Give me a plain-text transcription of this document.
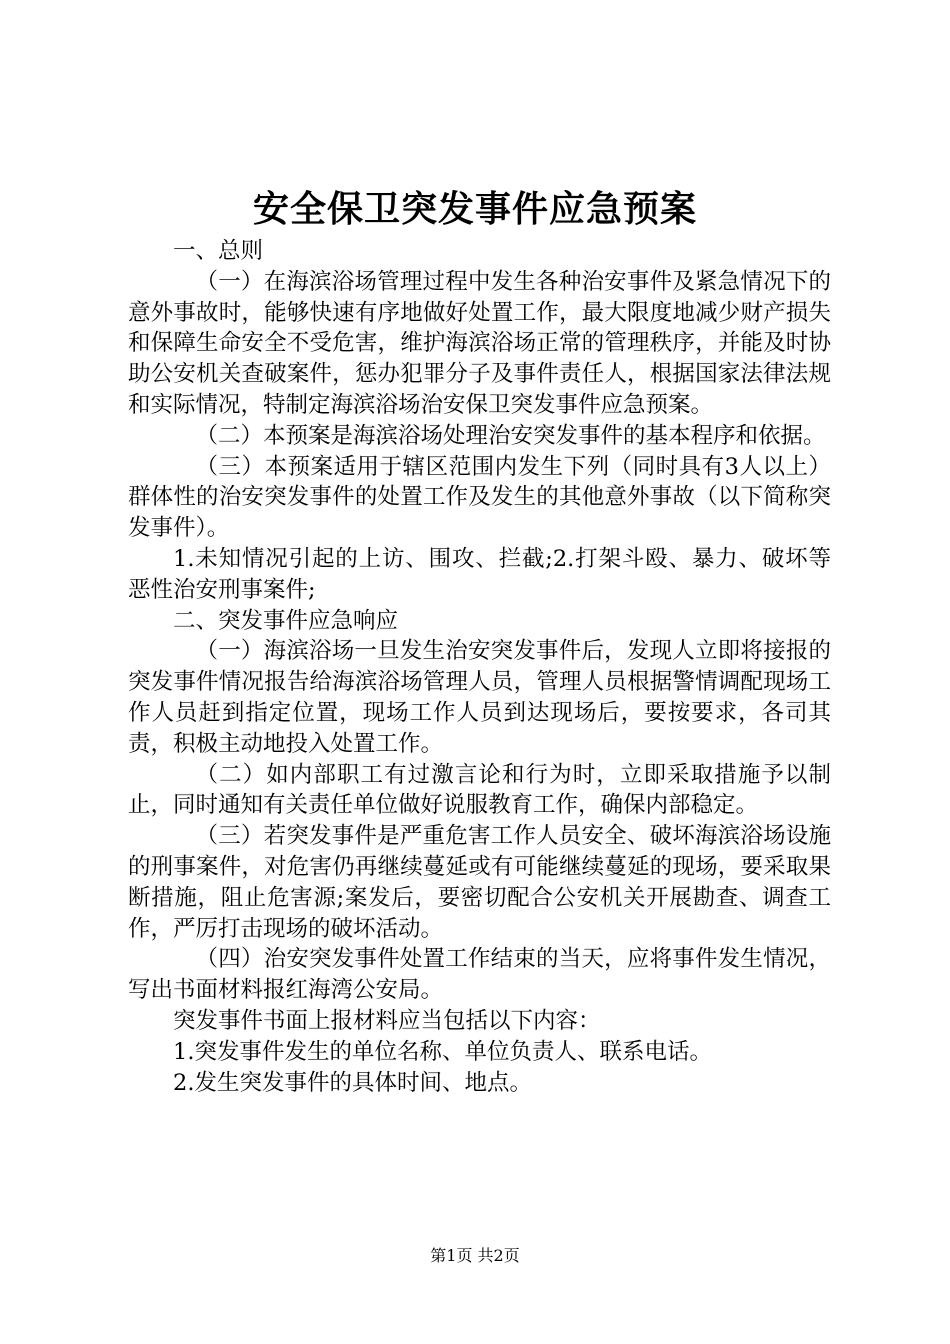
安全保卫突发事件应急预案

一、总则

（一）在海滨浴场管理过程中发生各种治安事件及紧急情况下的意外事故时，能够快速有序地做好处置工作，最大限度地减少财产损失和保障生命安全不受危害，维护海滨浴场正常的管理秩序，并能及时协助公安机关查破案件，惩办犯罪分子及事件责任人，根据国家法律法规和实际情况，特制定海滨浴场治安保卫突发事件应急预案。

（二）本预案是海滨浴场处理治安突发事件的基本程序和依据。

（三）本预案适用于辖区范围内发生下列（同时具有3人以上）群体性的治安突发事件的处置工作及发生的其他意外事故（以下简称突发事件）。

1.未知情况引起的上访、围攻、拦截;2.打架斗殴、暴力、破坏等恶性治安刑事案件;

二、突发事件应急响应

（一）海滨浴场一旦发生治安突发事件后，发现人立即将接报的突发事件情况报告给海滨浴场管理人员，管理人员根据警情调配现场工作人员赶到指定位置，现场工作人员到达现场后，要按要求，各司其责，积极主动地投入处置工作。

（二）如内部职工有过激言论和行为时，立即采取措施予以制止，同时通知有关责任单位做好说服教育工作，确保内部稳定。

（三）若突发事件是严重危害工作人员安全、破坏海滨浴场设施的刑事案件，对危害仍再继续蔓延或有可能继续蔓延的现场，要采取果断措施，阻止危害源;案发后，要密切配合公安机关开展勘查、调查工作，严厉打击现场的破坏活动。

（四）治安突发事件处置工作结束的当天，应将事件发生情况，写出书面材料报红海湾公安局。

突发事件书面上报材料应当包括以下内容：

1.突发事件发生的单位名称、单位负责人、联系电话。

2.发生突发事件的具体时间、地点。

第1页 共2页
